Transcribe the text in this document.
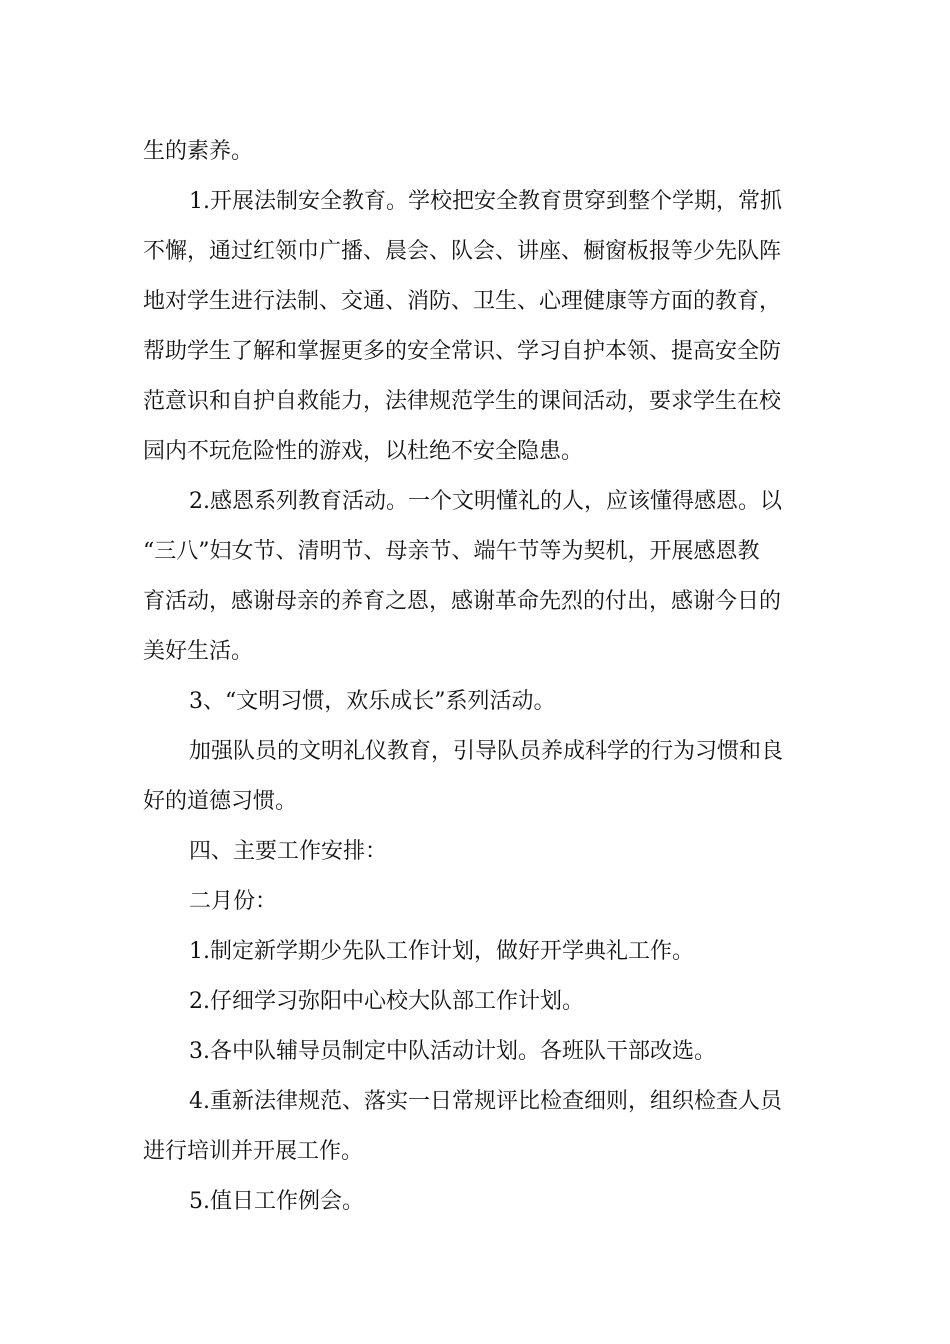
生的素养。
1.开展法制安全教育。学校把安全教育贯穿到整个学期，常抓
不懈，通过红领巾广播、晨会、队会、讲座、橱窗板报等少先队阵
地对学生进行法制、交通、消防、卫生、心理健康等方面的教育，
帮助学生了解和掌握更多的安全常识、学习自护本领、提高安全防
范意识和自护自救能力，法律规范学生的课间活动，要求学生在校
园内不玩危险性的游戏，以杜绝不安全隐患。
2.感恩系列教育活动。一个文明懂礼的人，应该懂得感恩。以
“三八”妇女节、清明节、母亲节、端午节等为契机，开展感恩教
育活动，感谢母亲的养育之恩，感谢革命先烈的付出，感谢今日的
美好生活。
3、“文明习惯，欢乐成长”系列活动。
加强队员的文明礼仪教育，引导队员养成科学的行为习惯和良
好的道德习惯。
四、主要工作安排：
二月份：
1.制定新学期少先队工作计划，做好开学典礼工作。
2.仔细学习弥阳中心校大队部工作计划。
3.各中队辅导员制定中队活动计划。各班队干部改选。
4.重新法律规范、落实一日常规评比检查细则，组织检查人员
进行培训并开展工作。
5.值日工作例会。
